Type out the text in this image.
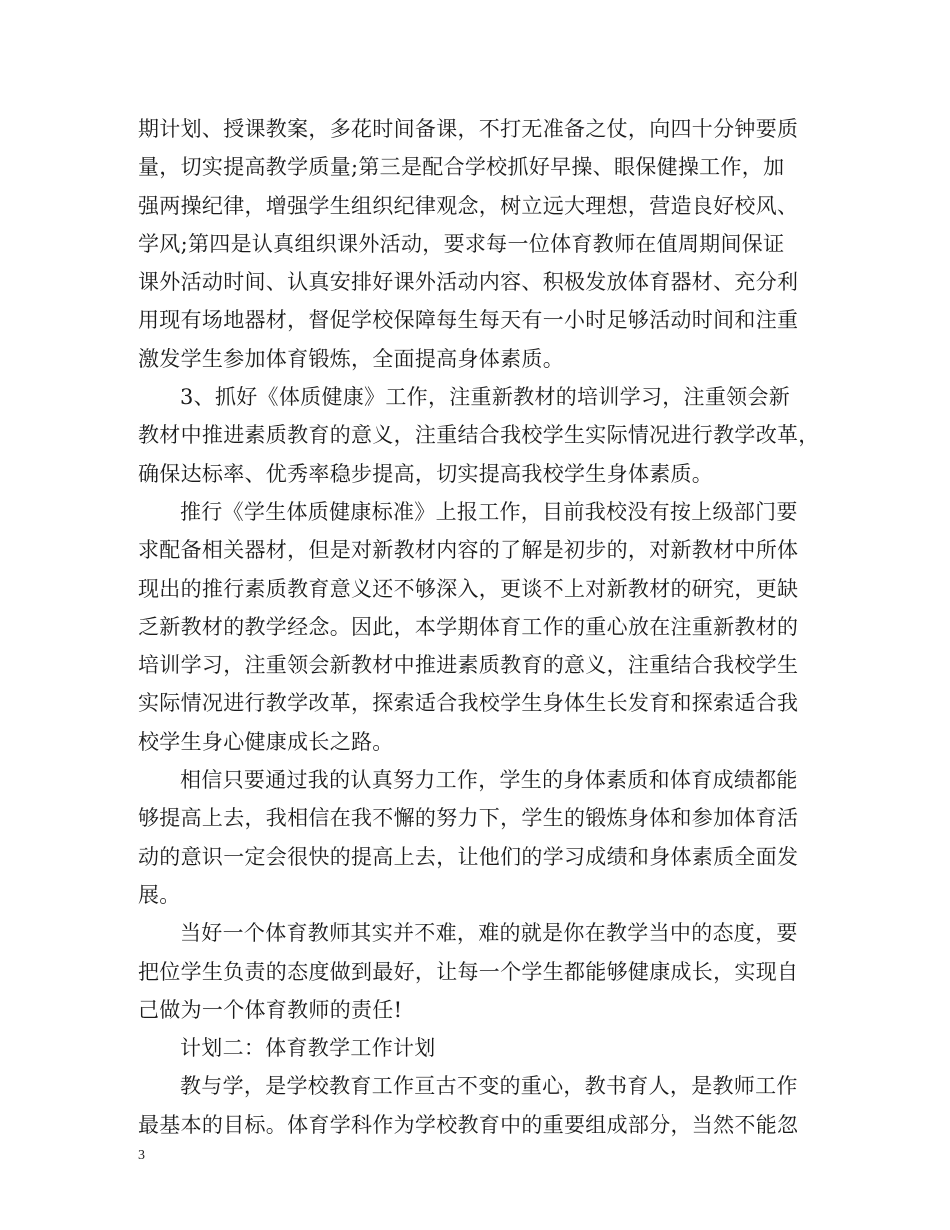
期计划、授课教案，多花时间备课，不打无准备之仗，向四十分钟要质
量，切实提高教学质量;第三是配合学校抓好早操、眼保健操工作，加
强两操纪律，增强学生组织纪律观念，树立远大理想，营造良好校风、
学风;第四是认真组织课外活动，要求每一位体育教师在值周期间保证
课外活动时间、认真安排好课外活动内容、积极发放体育器材、充分利
用现有场地器材，督促学校保障每生每天有一小时足够活动时间和注重
激发学生参加体育锻炼，全面提高身体素质。
3、抓好《体质健康》工作，注重新教材的培训学习，注重领会新
教材中推进素质教育的意义，注重结合我校学生实际情况进行教学改革，
确保达标率、优秀率稳步提高，切实提高我校学生身体素质。
推行《学生体质健康标准》上报工作，目前我校没有按上级部门要
求配备相关器材，但是对新教材内容的了解是初步的，对新教材中所体
现出的推行素质教育意义还不够深入，更谈不上对新教材的研究，更缺
乏新教材的教学经念。因此，本学期体育工作的重心放在注重新教材的
培训学习，注重领会新教材中推进素质教育的意义，注重结合我校学生
实际情况进行教学改革，探索适合我校学生身体生长发育和探索适合我
校学生身心健康成长之路。
相信只要通过我的认真努力工作，学生的身体素质和体育成绩都能
够提高上去，我相信在我不懈的努力下，学生的锻炼身体和参加体育活
动的意识一定会很快的提高上去，让他们的学习成绩和身体素质全面发
展。
当好一个体育教师其实并不难，难的就是你在教学当中的态度，要
把位学生负责的态度做到最好，让每一个学生都能够健康成长，实现自
己做为一个体育教师的责任!
计划二：体育教学工作计划
教与学，是学校教育工作亘古不变的重心，教书育人，是教师工作
最基本的目标。体育学科作为学校教育中的重要组成部分，当然不能忽
3
